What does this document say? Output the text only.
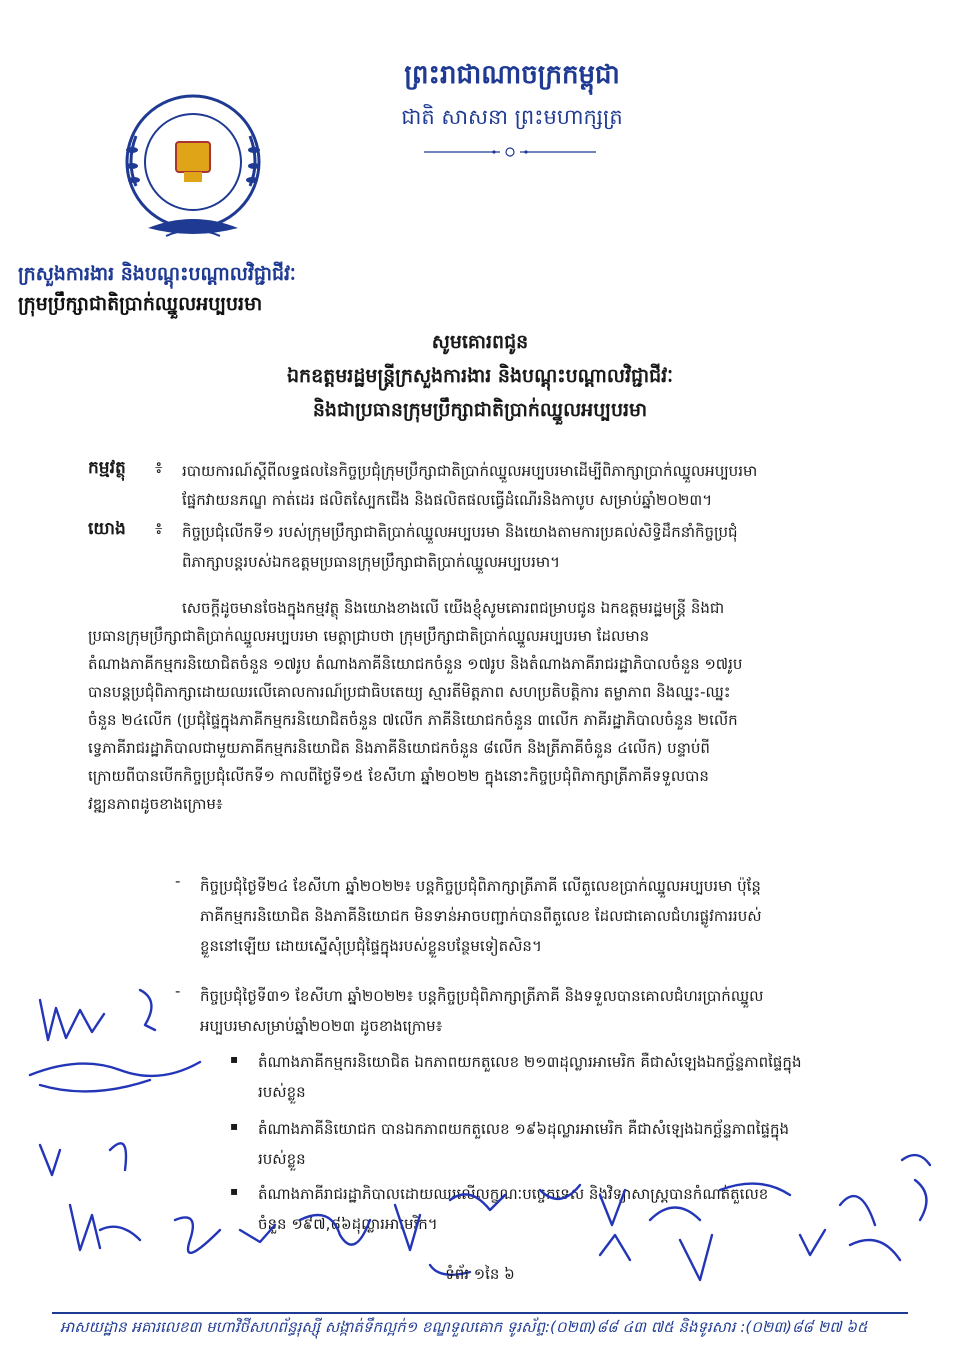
ព្រះរាជាណាចក្រកម្ពុជា
ជាតិ សាសនា ព្រះមហាក្សត្រ
ក្រសួងការងារ និងបណ្តុះបណ្តាលវិជ្ជាជីវៈ
ក្រុមប្រឹក្សាជាតិប្រាក់ឈ្នួលអប្បបរមា
សូមគោរពជូន
ឯកឧត្តមរដ្ឋមន្ត្រីក្រសួងការងារ និងបណ្តុះបណ្តាលវិជ្ជាជីវៈ
និងជាប្រធានក្រុមប្រឹក្សាជាតិប្រាក់ឈ្នួលអប្បបរមា
កម្មវត្ថុ ៖ របាយការណ៍ស្តីពីលទ្ធផលនៃកិច្ចប្រជុំក្រុមប្រឹក្សាជាតិប្រាក់ឈ្នួលអប្បបរមាដើម្បីពិភាក្សាប្រាក់ឈ្នួលអប្បបរមា
ផ្នែកវាយនភណ្ឌ កាត់ដេរ ផលិតស្បែកជើង និងផលិតផលធ្វើដំណើរនិងកាបូប សម្រាប់ឆ្នាំ២០២៣។
យោង ៖ កិច្ចប្រជុំលើកទី១ របស់ក្រុមប្រឹក្សាជាតិប្រាក់ឈ្នួលអប្បបរមា និងយោងតាមការប្រគល់សិទ្ធិដឹកនាំកិច្ចប្រជុំ
ពិភាក្សាបន្តរបស់ឯកឧត្តមប្រធានក្រុមប្រឹក្សាជាតិប្រាក់ឈ្នួលអប្បបរមា។
សេចក្តីដូចមានចែងក្នុងកម្មវត្ថុ និងយោងខាងលើ យើងខ្ញុំសូមគោរពជម្រាបជូន ឯកឧត្តមរដ្ឋមន្ត្រី និងជា
ប្រធានក្រុមប្រឹក្សាជាតិប្រាក់ឈ្នួលអប្បបរមា មេត្តាជ្រាបថា ក្រុមប្រឹក្សាជាតិប្រាក់ឈ្នួលអប្បបរមា ដែលមាន
តំណាងភាគីកម្មករនិយោជិតចំនួន ១៧រូប តំណាងភាគីនិយោជកចំនួន ១៧រូប និងតំណាងភាគីរាជរដ្ឋាភិបាលចំនួន ១៧រូប
បានបន្តប្រជុំពិភាក្សាដោយឈរលើគោលការណ៍ប្រជាធិបតេយ្យ ស្មារតីមិត្តភាព សហប្រតិបត្តិការ តម្លាភាព និងឈ្នះ-ឈ្នះ
ចំនួន ២៤លើក (ប្រជុំផ្ទៃក្នុងភាគីកម្មករនិយោជិតចំនួន ៧លើក ភាគីនិយោជកចំនួន ៣លើក ភាគីរដ្ឋាភិបាលចំនួន ២លើក
ទ្វេភាគីរាជរដ្ឋាភិបាលជាមួយភាគីកម្មករនិយោជិត និងភាគីនិយោជកចំនួន ៨លើក និងត្រីភាគីចំនួន ៤លើក) បន្ទាប់ពី
ក្រោយពីបានបើកកិច្ចប្រជុំលើកទី១ កាលពីថ្ងៃទី១៥ ខែសីហា ឆ្នាំ២០២២ ក្នុងនោះកិច្ចប្រជុំពិភាក្សាត្រីភាគីទទួលបាន
វឌ្ឍនភាពដូចខាងក្រោម៖
- កិច្ចប្រជុំថ្ងៃទី២៤ ខែសីហា ឆ្នាំ២០២២៖ បន្តកិច្ចប្រជុំពិភាក្សាត្រីភាគី លើតួលេខប្រាក់ឈ្នួលអប្បបរមា ប៉ុន្តែ
ភាគីកម្មករនិយោជិត និងភាគីនិយោជក មិនទាន់អាចបញ្ជាក់បានពីតួលេខ ដែលជាគោលជំហរផ្លូវការរបស់
ខ្លួននៅឡើយ ដោយស្នើសុំប្រជុំផ្ទៃក្នុងរបស់ខ្លួនបន្ថែមទៀតសិន។
- កិច្ចប្រជុំថ្ងៃទី៣១ ខែសីហា ឆ្នាំ២០២២៖ បន្តកិច្ចប្រជុំពិភាក្សាត្រីភាគី និងទទួលបានគោលជំហរប្រាក់ឈ្នួល
អប្បបរមាសម្រាប់ឆ្នាំ២០២៣ ដូចខាងក្រោម៖
▪ តំណាងភាគីកម្មករនិយោជិត ឯកភាពយកតួលេខ ២១៣ដុល្លារអាមេរិក គឺជាសំឡេងឯកច្ឆ័ន្ទភាពផ្ទៃក្នុង
របស់ខ្លួន
▪ តំណាងភាគីនិយោជក បានឯកភាពយកតួលេខ ១៩៦ដុល្លារអាមេរិក គឺជាសំឡេងឯកច្ឆ័ន្ទភាពផ្ទៃក្នុង
របស់ខ្លួន
▪ តំណាងភាគីរាជរដ្ឋាភិបាលដោយឈរលើលក្ខណៈបច្ចេកទេស និងវិទ្យាសាស្ត្របានកំណត់តួលេខ
ចំនួន ១៩៧,៨៦ដុល្លារអាមេរិក។
ទំព័រ ១នៃ ៦
អាសយដ្ឋាន អគារលេខ៣ មហាវិថីសហព័ន្ធរុស្ស៊ី សង្កាត់ទឹកល្អក់១ ខណ្ឌទួលគោក ទូរស័ព្ទ:(០២៣)៨៨ ៤៣ ៧៥ និងទូរសារ :(០២៣)៨៨ ២៧ ៦៥
